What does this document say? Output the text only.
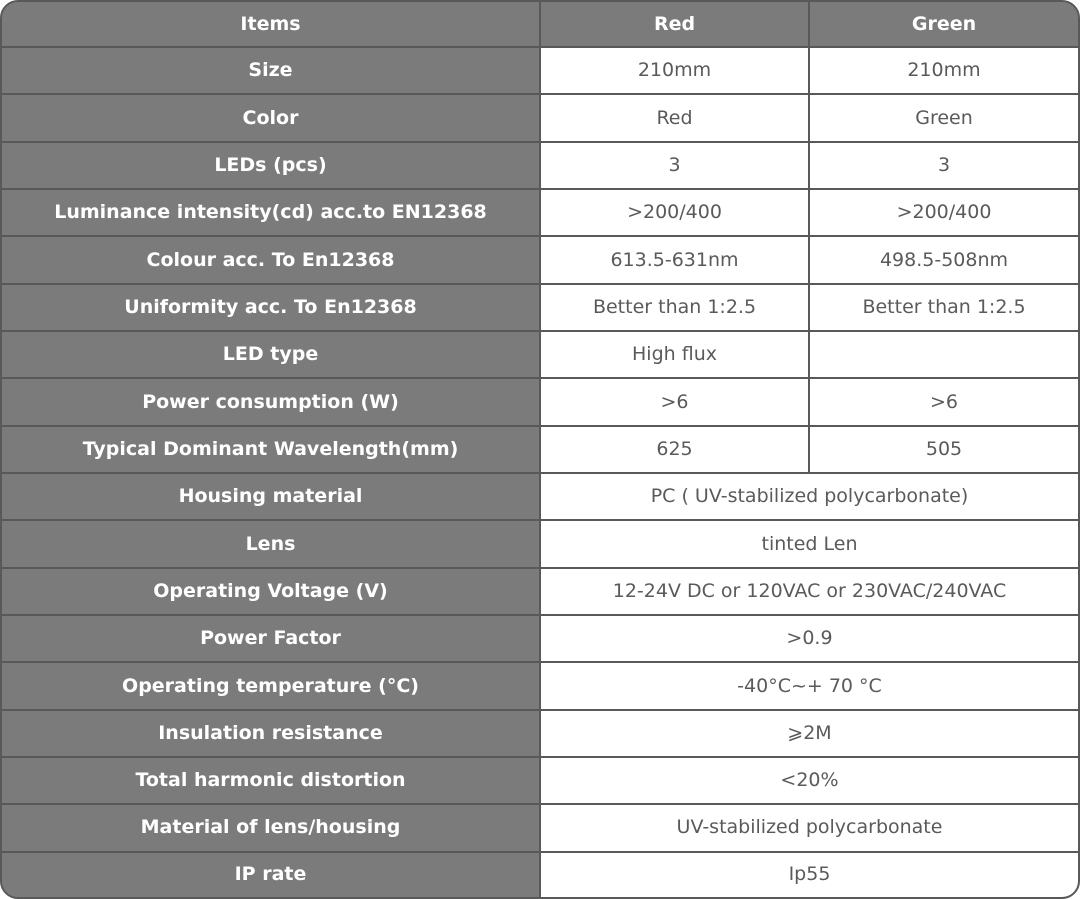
Items	Red	Green
Size	210mm	210mm
Color	Red	Green
LEDs (pcs)	3	3
Luminance intensity(cd) acc.to EN12368	>200/400	>200/400
Colour acc. To En12368	613.5-631nm	498.5-508nm
Uniformity acc. To En12368	Better than 1:2.5	Better than 1:2.5
LED type	High flux	
Power consumption (W)	>6	>6
Typical Dominant Wavelength(mm)	625	505
Housing material	PC ( UV-stabilized polycarbonate)	
Lens	tinted Len	
Operating Voltage (V)	12-24V DC or 120VAC or 230VAC/240VAC	
Power Factor	>0.9	
Operating temperature (°C)	-40°C~+ 70 °C	
Insulation resistance	⩾2M	
Total harmonic distortion	<20%	
Material of lens/housing	UV-stabilized polycarbonate	
IP rate	Ip55	
